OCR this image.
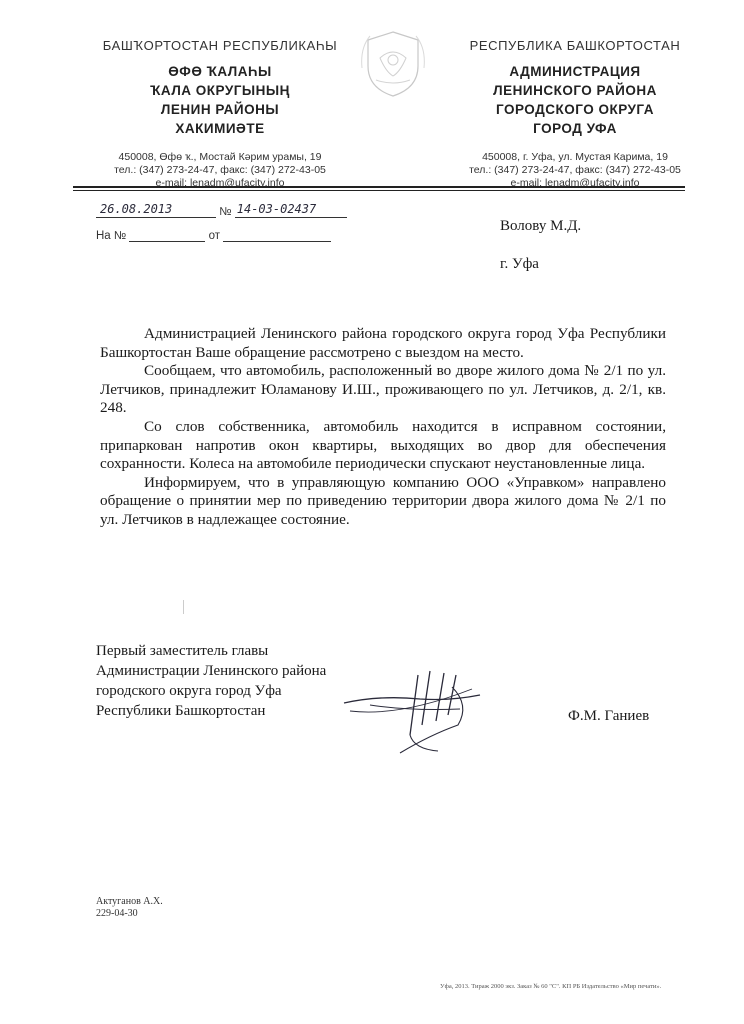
БАШҠОРТОСТАН РЕСПУБЛИКАҺЫ
ӨФӨ ҠАЛАҺЫ
ҠАЛА ОКРУГЫНЫҢ
ЛЕНИН РАЙОНЫ
ХАКИМИӘТЕ
450008, Өфө ҡ., Мостай Кәрим урамы, 19
тел.: (347) 273-24-47, факс: (347) 272-43-05
e-mail: lenadm@ufacity.info
РЕСПУБЛИКА БАШКОРТОСТАН
АДМИНИСТРАЦИЯ
ЛЕНИНСКОГО РАЙОНА
ГОРОДСКОГО ОКРУГА
ГОРОД УФА
450008, г. Уфа, ул. Мустая Карима, 19
тел.: (347) 273-24-47, факс: (347) 272-43-05
e-mail: lenadm@ufacity.info
26.08.2013	№ 14-03-02437
На №	от
Волову М.Д.
г. Уфа

Администрацией Ленинского района городского округа город Уфа Республики Башкортостан Ваше обращение рассмотрено с выездом на место.

Сообщаем, что автомобиль, расположенный во дворе жилого дома № 2/1 по ул. Летчиков, принадлежит Юламанову И.Ш., проживающего по ул. Летчиков, д. 2/1, кв. 248.

Со слов собственника, автомобиль находится в исправном состоянии, припаркован напротив окон квартиры, выходящих во двор для обеспечения сохранности. Колеса на автомобиле периодически спускают неустановленные лица.

Информируем, что в управляющую компанию ООО «Управком» направлено обращение о принятии мер по приведению территории двора жилого дома № 2/1 по ул. Летчиков в надлежащее состояние.

Первый заместитель главы
Администрации Ленинского района
городского округа город Уфа
Республики Башкортостан	Ф.М. Ганиев
Актуганов А.Х.
229-04-30
Уфа, 2013. Тираж 2000 экз. Заказ № 60 "С". КП РБ Издательство «Мир печати».
